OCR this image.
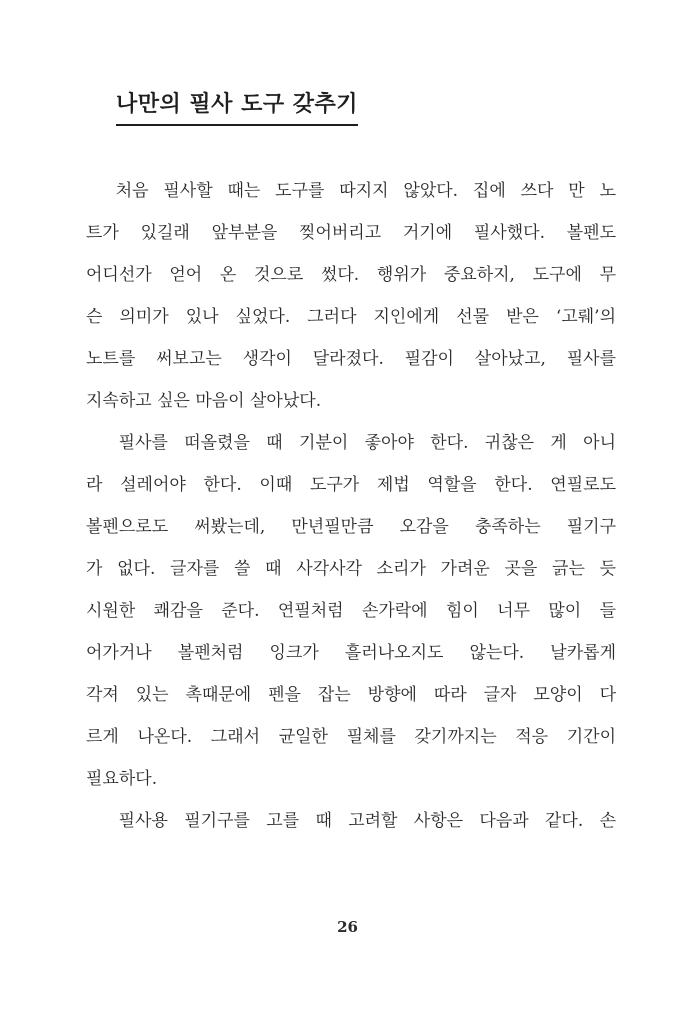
나만의 필사 도구 갖추기
처음 필사할 때는 도구를 따지지 않았다. 집에 쓰다 만 노
트가 있길래 앞부분을 찢어버리고 거기에 필사했다. 볼펜도
어디선가 얻어 온 것으로 썼다. 행위가 중요하지, 도구에 무
슨 의미가 있나 싶었다. 그러다 지인에게 선물 받은 ‘고뤠’의
노트를 써보고는 생각이 달라졌다. 필감이 살아났고, 필사를
지속하고 싶은 마음이 살아났다.
필사를 떠올렸을 때 기분이 좋아야 한다. 귀찮은 게 아니
라 설레어야 한다. 이때 도구가 제법 역할을 한다. 연필로도
볼펜으로도 써봤는데, 만년필만큼 오감을 충족하는 필기구
가 없다. 글자를 쓸 때 사각사각 소리가 가려운 곳을 긁는 듯
시원한 쾌감을 준다. 연필처럼 손가락에 힘이 너무 많이 들
어가거나 볼펜처럼 잉크가 흘러나오지도 않는다. 날카롭게
각져 있는 촉때문에 펜을 잡는 방향에 따라 글자 모양이 다
르게 나온다. 그래서 균일한 필체를 갖기까지는 적응 기간이
필요하다.
필사용 필기구를 고를 때 고려할 사항은 다음과 같다. 손
26
